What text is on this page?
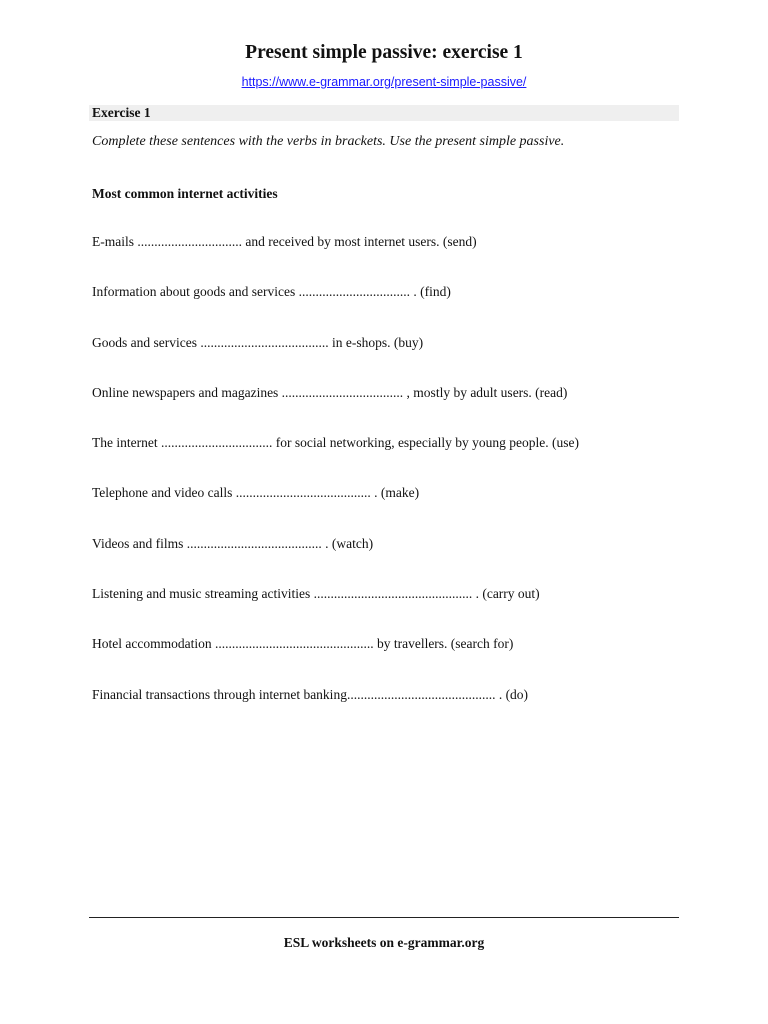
Present simple passive: exercise 1
https://www.e-grammar.org/present-simple-passive/
Exercise 1
Complete these sentences with the verbs in brackets. Use the present simple passive.
Most common internet activities
E-mails ............................... and received by most internet users. (send)
Information about goods and services ................................. . (find)
Goods and services ...................................... in e-shops. (buy)
Online newspapers and magazines .................................... , mostly by adult users. (read)
The internet ................................. for social networking, especially by young people. (use)
Telephone and video calls ........................................ . (make)
Videos and films ........................................ . (watch)
Listening and music streaming activities ............................................... . (carry out)
Hotel accommodation ............................................... by travellers. (search for)
Financial transactions through internet banking............................................ . (do)
ESL worksheets on e-grammar.org
